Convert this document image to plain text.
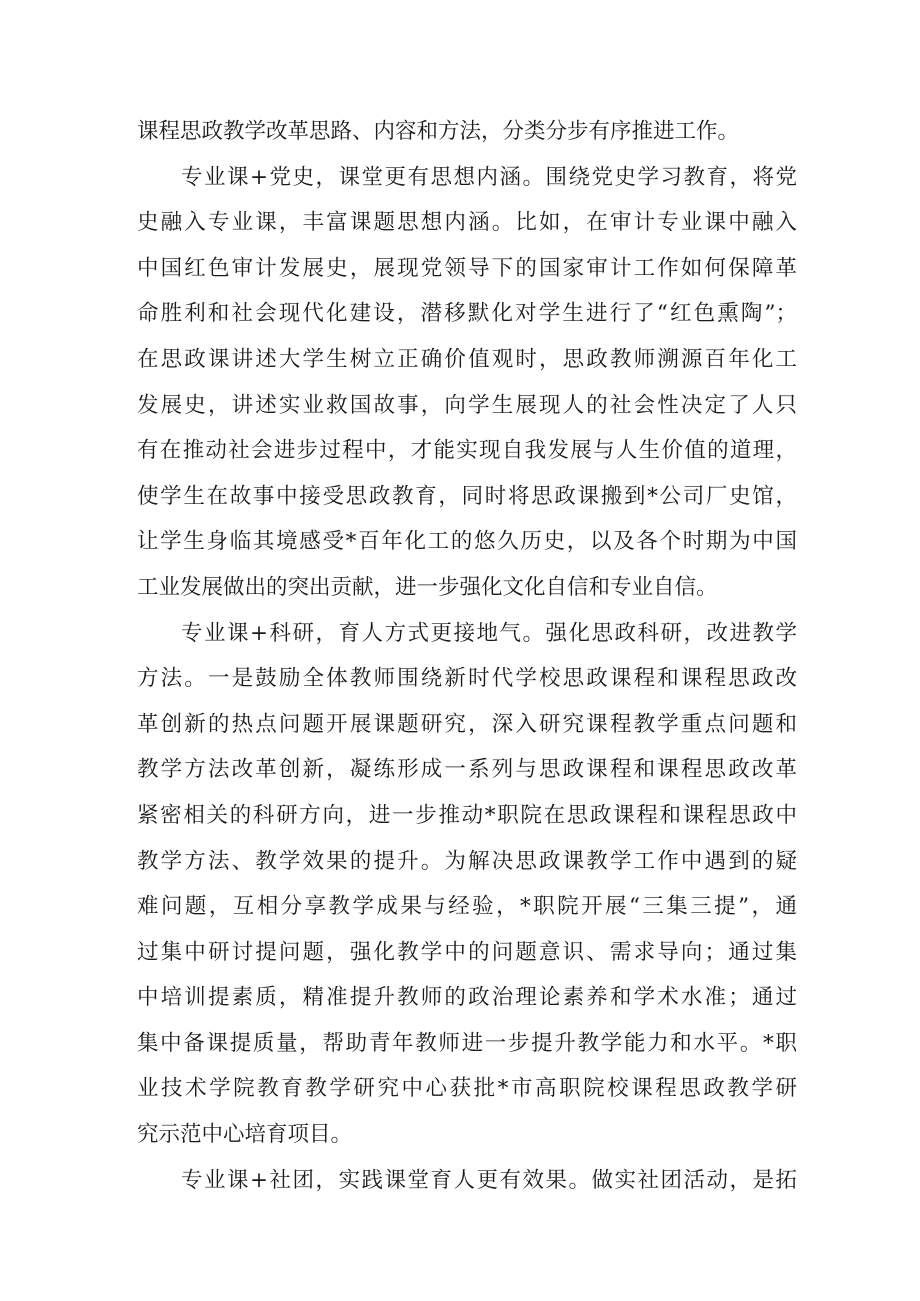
课程思政教学改革思路、内容和方法，分类分步有序推进工作。
专业课+党史，课堂更有思想内涵。围绕党史学习教育，将党
史融入专业课，丰富课题思想内涵。比如，在审计专业课中融入
中国红色审计发展史，展现党领导下的国家审计工作如何保障革
命胜利和社会现代化建设，潜移默化对学生进行了“红色熏陶”；
在思政课讲述大学生树立正确价值观时，思政教师溯源百年化工
发展史，讲述实业救国故事，向学生展现人的社会性决定了人只
有在推动社会进步过程中，才能实现自我发展与人生价值的道理，
使学生在故事中接受思政教育，同时将思政课搬到*公司厂史馆，
让学生身临其境感受*百年化工的悠久历史，以及各个时期为中国
工业发展做出的突出贡献，进一步强化文化自信和专业自信。
专业课+科研，育人方式更接地气。强化思政科研，改进教学
方法。一是鼓励全体教师围绕新时代学校思政课程和课程思政改
革创新的热点问题开展课题研究，深入研究课程教学重点问题和
教学方法改革创新，凝练形成一系列与思政课程和课程思政改革
紧密相关的科研方向，进一步推动*职院在思政课程和课程思政中
教学方法、教学效果的提升。为解决思政课教学工作中遇到的疑
难问题，互相分享教学成果与经验，*职院开展“三集三提”，通
过集中研讨提问题，强化教学中的问题意识、需求导向；通过集
中培训提素质，精准提升教师的政治理论素养和学术水准；通过
集中备课提质量，帮助青年教师进一步提升教学能力和水平。*职
业技术学院教育教学研究中心获批*市高职院校课程思政教学研
究示范中心培育项目。
专业课+社团，实践课堂育人更有效果。做实社团活动，是拓
